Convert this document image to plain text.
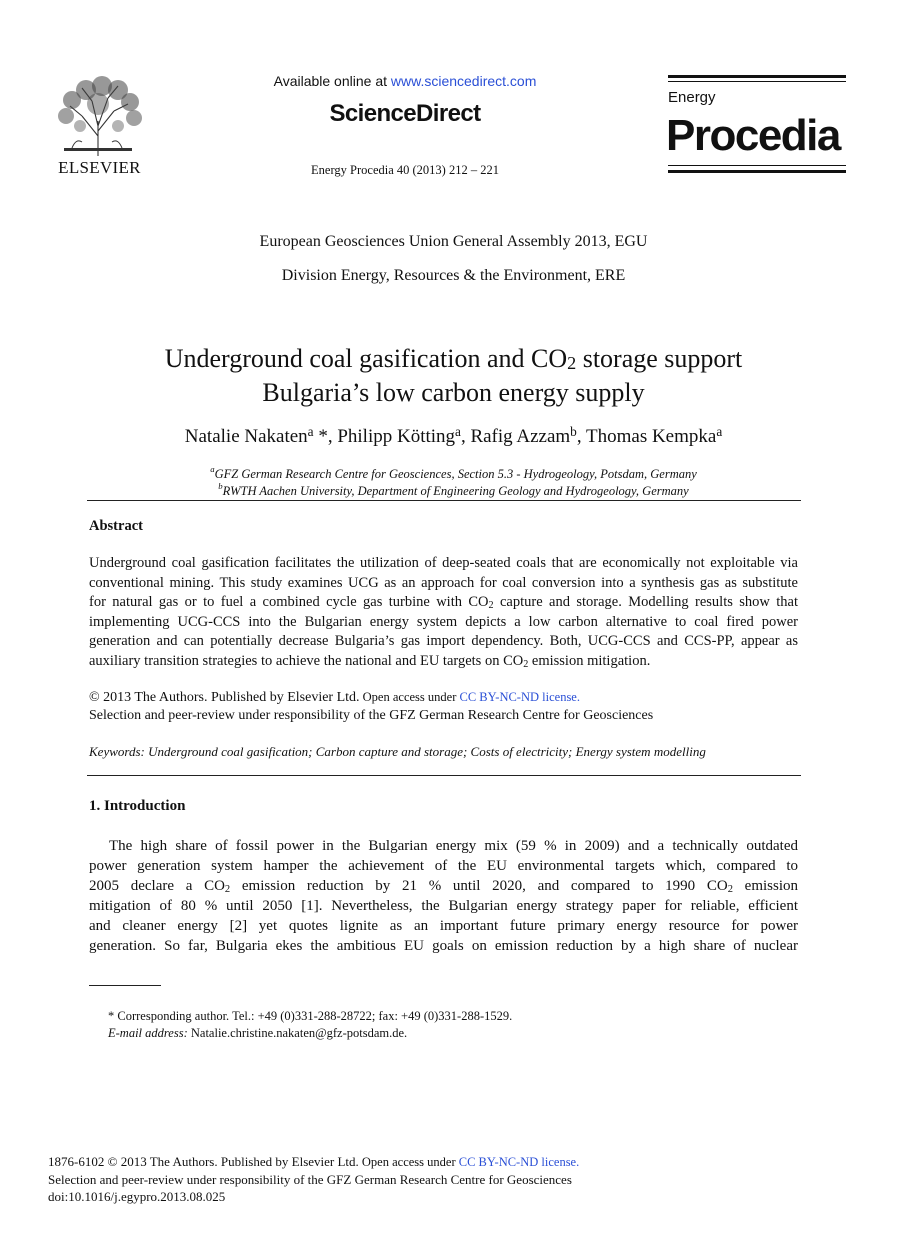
ELSEVIER
Available online at www.sciencedirect.com
ScienceDirect
Energy Procedia 40 (2013) 212 – 221
Energy
Procedia
European Geosciences Union General Assembly 2013, EGU
Division Energy, Resources & the Environment, ERE
Underground coal gasification and $CO_2$ storage support
Bulgaria’s low carbon energy supply
Natalie Nakaten$^a$ *, Philipp Kötting$^a$, Rafig Azzam$^b$, Thomas Kempka$^a$
$^a$GFZ German Research Centre for Geosciences, Section 5.3 - Hydrogeology, Potsdam, Germany
$^b$RWTH Aachen University, Department of Engineering Geology and Hydrogeology, Germany
Abstract
Underground coal gasification facilitates the utilization of deep-seated coals that are economically not exploitable via
conventional mining. This study examines UCG as an approach for coal conversion into a synthesis gas as substitute
for natural gas or to fuel a combined cycle gas turbine with $CO_2$ capture and storage. Modelling results show that
implementing UCG-CCS into the Bulgarian energy system depicts a low carbon alternative to coal fired power
generation and can potentially decrease Bulgaria’s gas import dependency. Both, UCG-CCS and CCS-PP, appear as
auxiliary transition strategies to achieve the national and EU targets on $CO_2$ emission mitigation.
© 2013 The Authors. Published by Elsevier Ltd. Open access under CC BY-NC-ND license.
Selection and peer-review under responsibility of the GFZ German Research Centre for Geosciences
Keywords: Underground coal gasification; Carbon capture and storage; Costs of electricity; Energy system modelling
1. Introduction
The high share of fossil power in the Bulgarian energy mix (59 % in 2009) and a technically outdated
power generation system hamper the achievement of the EU environmental targets which, compared to
2005 declare a $CO_2$ emission reduction by 21 % until 2020, and compared to 1990 $CO_2$ emission
mitigation of 80 % until 2050 [1]. Nevertheless, the Bulgarian energy strategy paper for reliable, efficient
and cleaner energy [2] yet quotes lignite as an important future primary energy resource for power
generation. So far, Bulgaria ekes the ambitious EU goals on emission reduction by a high share of nuclear
* Corresponding author. Tel.: +49 (0)331-288-28722; fax: +49 (0)331-288-1529.
E-mail address: Natalie.christine.nakaten@gfz-potsdam.de.
1876-6102 © 2013 The Authors. Published by Elsevier Ltd. Open access under CC BY-NC-ND license.
Selection and peer-review under responsibility of the GFZ German Research Centre for Geosciences
doi:10.1016/j.egypro.2013.08.025
